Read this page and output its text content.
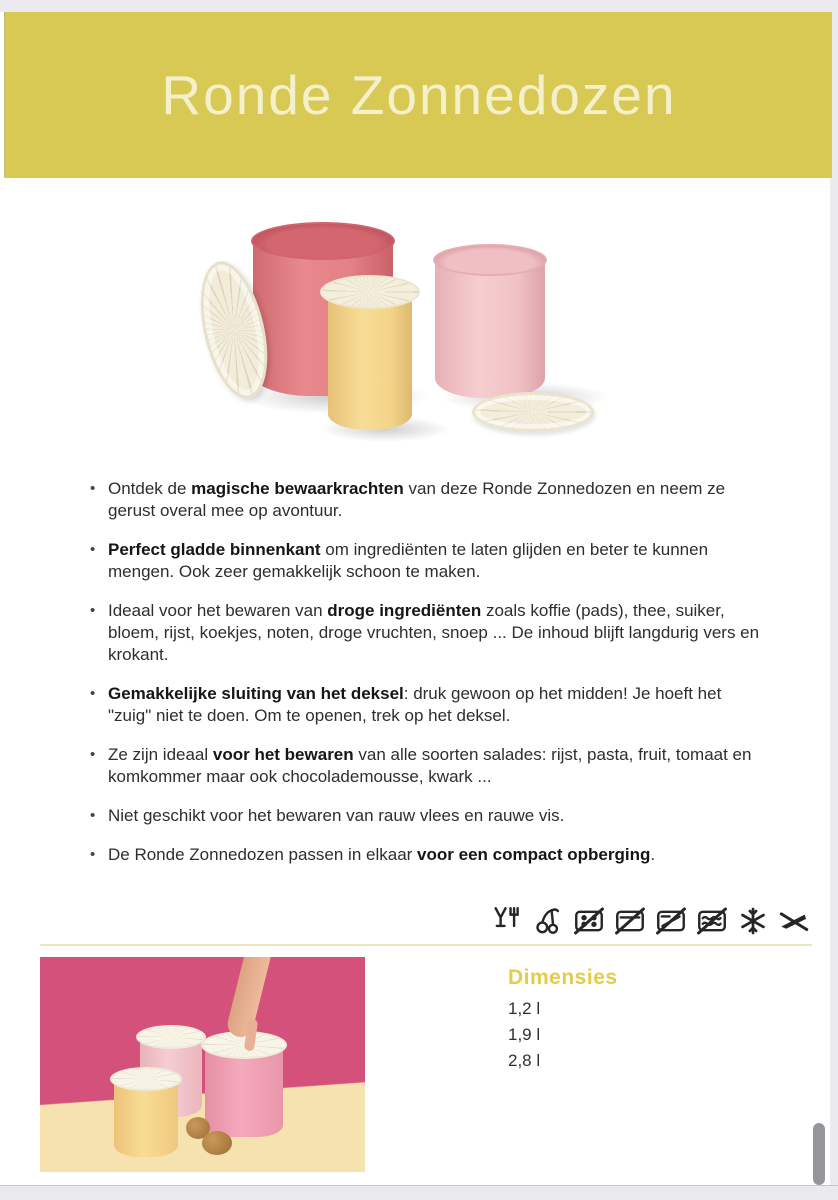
Ronde Zonnedozen
• Ontdek de magische bewaarkrachten van deze Ronde Zonnedozen en neem ze gerust overal mee op avontuur.
• Perfect gladde binnenkant om ingrediënten te laten glijden en beter te kunnen mengen. Ook zeer gemakkelijk schoon te maken.
• Ideaal voor het bewaren van droge ingrediënten zoals koffie (pads), thee, suiker, bloem, rijst, koekjes, noten, droge vruchten, snoep ... De inhoud blijft langdurig vers en krokant.
• Gemakkelijke sluiting van het deksel: druk gewoon op het midden! Je hoeft het "zuig" niet te doen. Om te openen, trek op het deksel.
• Ze zijn ideaal voor het bewaren van alle soorten salades: rijst, pasta, fruit, tomaat en komkommer maar ook chocolademousse, kwark ...
• Niet geschikt voor het bewaren van rauw vlees en rauwe vis.
• De Ronde Zonnedozen passen in elkaar voor een compact opberging.
Dimensies
1,2 l
1,9 l
2,8 l
